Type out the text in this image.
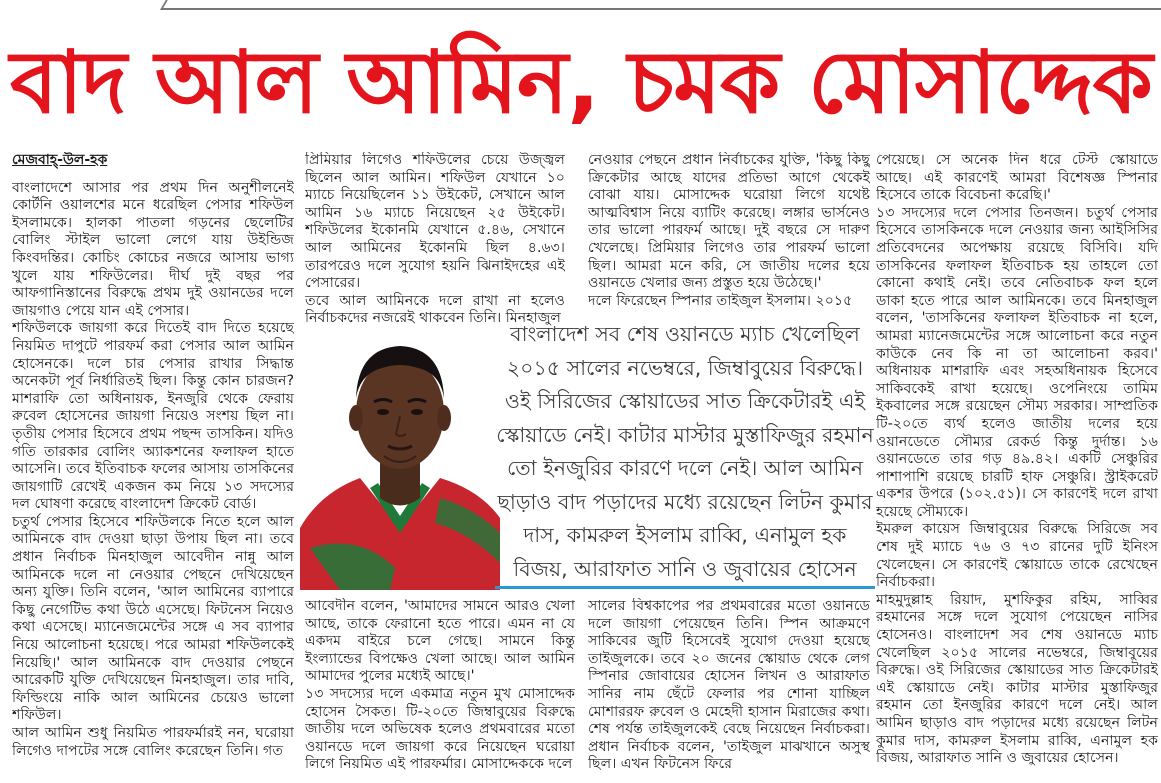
বাদ আল আমিন, চমক মোসাদ্দেক

মেজবাহ্-উল-হক

বাংলাদেশে আসার পর প্রথম দিন অনুশীলনেই কোর্টনি ওয়ালশের মনে ধরেছিল পেসার শফিউল ইসলামকে। হালকা পাতলা গড়নের ছেলেটির বোলিং স্টাইল ভালো লেগে যায় উইন্ডিজ কিংবদন্তির। কোচিং কোচের নজরে আসায় ভাগ্য খুলে যায় শফিউলের। দীর্ঘ দুই বছর পর আফগানিস্তানের বিরুদ্ধে প্রথম দুই ওয়ানডের দলে জায়গাও পেয়ে যান এই পেসার।

শফিউলকে জায়গা করে দিতেই বাদ দিতে হয়েছে নিয়মিত দাপুটে পারফর্ম করা পেসার আল আমিন হোসেনকে। দলে চার পেসার রাখার সিদ্ধান্ত অনেকটা পূর্ব নির্ধারিতই ছিল। কিন্তু কোন চারজন? মাশরাফি তো অধিনায়ক, ইনজুরি থেকে ফেরায় রুবেল হোসেনের জায়গা নিয়েও সংশয় ছিল না। তৃতীয় পেসার হিসেবে প্রথম পছন্দ তাসকিন। যদিও গতি তারকার বোলিং অ্যাকশনের ফলাফল হাতে আসেনি। তবে ইতিবাচক ফলের আসায় তাসকিনের জায়গাটি রেখেই একজন কম নিয়ে ১৩ সদস্যের দল ঘোষণা করেছে বাংলাদেশ ক্রিকেট বোর্ড।

চতুর্থ পেসার হিসেবে শফিউলকে নিতে হলে আল আমিনকে বাদ দেওয়া ছাড়া উপায় ছিল না। তবে প্রধান নির্বাচক মিনহাজুল আবেদীন নান্নু আল আমিনকে দলে না নেওয়ার পেছনে দেখিয়েছেন অন্য যুক্তি। তিনি বলেন, 'আল আমিনের ব্যাপারে কিছু নেগেটিভ কথা উঠে এসেছে। ফিটনেস নিয়েও কথা এসেছে। ম্যানেজমেন্টের সঙ্গে এ সব ব্যাপার নিয়ে আলোচনা হয়েছে। পরে আমরা শফিউলকেই নিয়েছি।' আল আমিনকে বাদ দেওয়ার পেছনে আরেকটি যুক্তি দেখিয়েছেন মিনহাজুল। তার দাবি, ফিল্ডিংয়ে নাকি আল আমিনের চেয়েও ভালো শফিউল।

আল আমিন শুধু নিয়মিত পারফর্মারই নন, ঘরোয়া লিগেও দাপটের সঙ্গে বোলিং করেছেন তিনি। গত

প্রিমিয়ার লিগেও শফিউলের চেয়ে উজ্জ্বল ছিলেন আল আমিন। শফিউল যেখানে ১০ ম্যাচে নিয়েছিলেন ১১ উইকেট, সেখানে আল আমিন ১৬ ম্যাচে নিয়েছেন ২৫ উইকেট। শফিউলের ইকোনমি যেখানে ৫.৪৬, সেখানে আল আমিনের ইকোনমি ছিল ৪.৬৩। তারপরেও দলে সুযোগ হয়নি ঝিনাইদহের এই পেসারের।

তবে আল আমিনকে দলে রাখা না হলেও নির্বাচকদের নজরেই থাকবেন তিনি। মিনহাজুল

নেওয়ার পেছনে প্রধান নির্বাচকের যুক্তি, 'কিছু কিছু ক্রিকেটার আছে যাদের প্রতিভা আগে থেকেই বোঝা যায়। মোসাদ্দেক ঘরোয়া লিগে যথেষ্ট আত্মবিশ্বাস নিয়ে ব্যাটিং করেছে। লঙ্গার ভার্সনেও তার ভালো পারফর্ম আছে। দুই বছরে সে দারুণ খেলেছে। প্রিমিয়ার লিগেও তার পারফর্ম ভালো ছিল। আমরা মনে করি, সে জাতীয় দলের হয়ে ওয়ানডে খেলার জন্য প্রস্তুত হয়ে উঠেছে।'

দলে ফিরেছেন স্পিনার তাইজুল ইসলাম। ২০১৫

পেয়েছে। সে অনেক দিন ধরে টেস্ট স্কোয়াডে আছে। এই কারণেই আমরা বিশেষজ্ঞ স্পিনার হিসেবে তাকে বিবেচনা করেছি।'

১৩ সদস্যের দলে পেসার তিনজন। চতুর্থ পেসার হিসেবে তাসকিনকে দলে নেওয়ার জন্য আইসিসির প্রতিবেদনের অপেক্ষায় রয়েছে বিসিবি। যদি তাসকিনের ফলাফল ইতিবাচক হয় তাহলে তো কোনো কথাই নেই। তবে নেতিবাচক ফল হলে ডাকা হতে পারে আল আমিনকে। তবে মিনহাজুল বলেন, 'তাসকিনের ফলাফল ইতিবাচক না হলে, আমরা ম্যানেজমেন্টের সঙ্গে আলোচনা করে নতুন কাউকে নেব কি না তা আলোচনা করব।' অধিনায়ক মাশরাফি এবং সহঅধিনায়ক হিসেবে সাকিবকেই রাখা হয়েছে। ওপেনিংয়ে তামিম ইকবালের সঙ্গে রয়েছেন সৌম্য সরকার। সাম্প্রতিক টি-২০তে ব্যর্থ হলেও জাতীয় দলের হয়ে ওয়ানডেতে সৌম্যর রেকর্ড কিন্তু দুর্দান্ত। ১৬ ওয়ানডেতে তার গড় ৪৯.৪২। একটি সেঞ্চুরির পাশাপাশি রয়েছে চারটি হাফ সেঞ্চুরি। স্ট্রাইকরেট একশর উপরে (১০২.৫১)। সে কারণেই দলে রাখা হয়েছে সৌম্যকে।

ইমরুল কায়েস জিম্বাবুয়ের বিরুদ্ধে সিরিজে সব শেষ দুই ম্যাচে ৭৬ ও ৭৩ রানের দুটি ইনিংস খেলেছেন। সে কারণেই স্কোয়াডে তাকে রেখেছেন নির্বাচকরা।

মাহমুদুল্লাহ রিয়াদ, মুশফিকুর রহিম, সাব্বির রহমানের সঙ্গে দলে সুযোগ পেয়েছেন নাসির হোসেনও। বাংলাদেশ সব শেষ ওয়ানডে ম্যাচ খেলেছিল ২০১৫ সালের নভেম্বরে, জিম্বাবুয়ের বিরুদ্ধে। ওই সিরিজের স্কোয়াডের সাত ক্রিকেটারই এই স্কোয়াডে নেই। কাটার মাস্টার মুস্তাফিজুর রহমান তো ইনজুরির কারণে দলে নেই। আল আমিন ছাড়াও বাদ পড়াদের মধ্যে রয়েছেন লিটন কুমার দাস, কামরুল ইসলাম রাব্বি, এনামুল হক বিজয়, আরাফাত সানি ও জুবায়ের হোসেন।

বাংলাদেশ সব শেষ ওয়ানডে ম্যাচ খেলেছিল ২০১৫ সালের নভেম্বরে, জিম্বাবুয়ের বিরুদ্ধে। ওই সিরিজের স্কোয়াডের সাত ক্রিকেটারই এই স্কোয়াডে নেই। কাটার মাস্টার মুস্তাফিজুর রহমান তো ইনজুরির কারণে দলে নেই। আল আমিন ছাড়াও বাদ পড়াদের মধ্যে রয়েছেন লিটন কুমার দাস, কামরুল ইসলাম রাব্বি, এনামুল হক বিজয়, আরাফাত সানি ও জুবায়ের হোসেন

আবেদীন বলেন, 'আমাদের সামনে আরও খেলা আছে, তাকে ফেরানো হতে পারে। এমন না যে একদম বাইরে চলে গেছে। সামনে কিন্তু ইংল্যান্ডের বিপক্ষেও খেলা আছে। আল আমিন আমাদের পুলের মধ্যেই আছে।'

১৩ সদস্যের দলে একমাত্র নতুন মুখ মোসাদ্দেক হোসেন সৈকত। টি-২০তে জিম্বাবুয়ের বিরুদ্ধে জাতীয় দলে অভিষেক হলেও প্রথমবারের মতো ওয়ানডে দলে জায়গা করে নিয়েছেন ঘরোয়া লিগে নিয়মিত এই পারফর্মার। মোসাদ্দেককে দলে

সালের বিশ্বকাপের পর প্রথমবারের মতো ওয়ানডে দলে জায়গা পেয়েছেন তিনি। স্পিন আক্রমণে সাকিবের জুটি হিসেবেই সুযোগ দেওয়া হয়েছে তাইজুলকে। তবে ২০ জনের স্কোয়াড থেকে লেগ স্পিনার জোবায়ের হোসেন লিখন ও আরাফাত সানির নাম ছেঁটে ফেলার পর শোনা যাচ্ছিল মোশাররফ রুবেল ও মেহেদী হাসান মিরাজের কথা। শেষ পর্যন্ত তাইজুলকেই বেছে নিয়েছেন নির্বাচকরা। প্রধান নির্বাচক বলেন, 'তাইজুল মাঝখানে অসুস্থ ছিল। এখন ফিটনেস ফিরে
